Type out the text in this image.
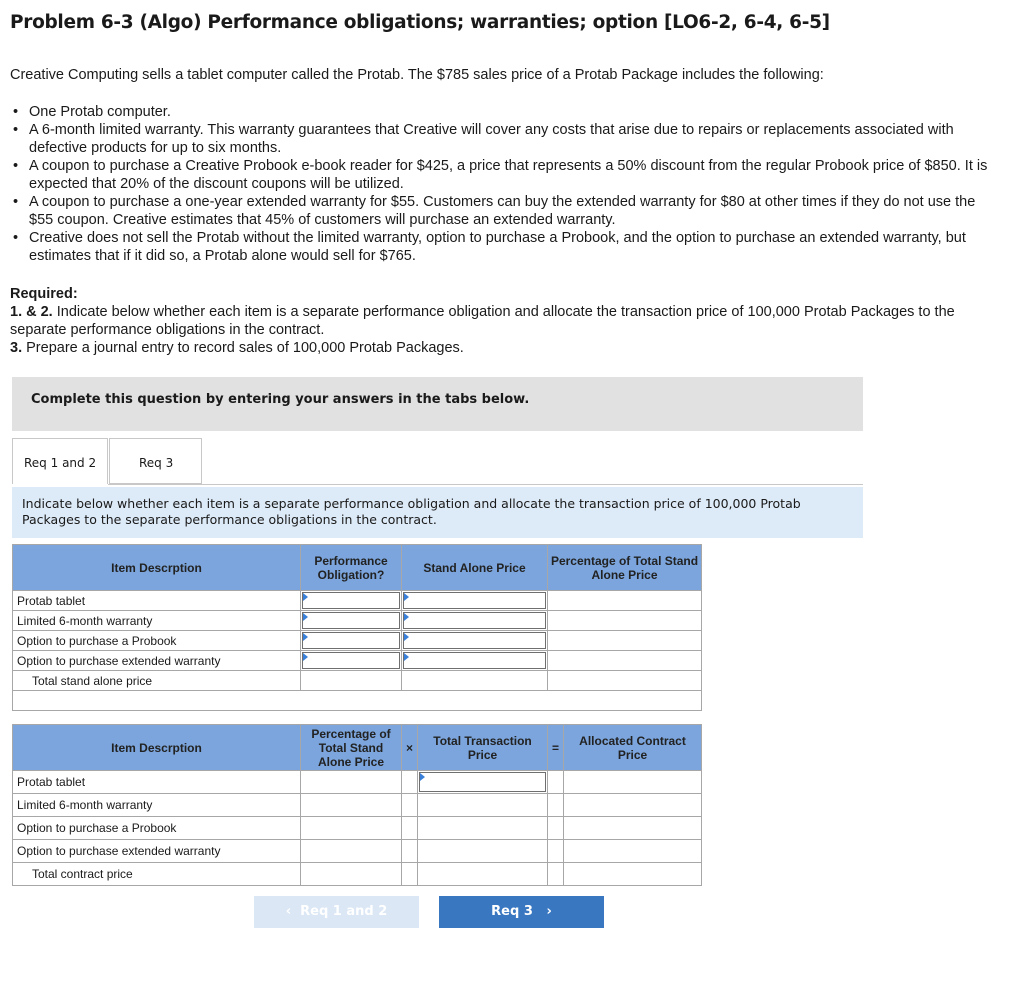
Problem 6-3 (Algo) Performance obligations; warranties; option [LO6-2, 6-4, 6-5]
Creative Computing sells a tablet computer called the Protab. The $785 sales price of a Protab Package includes the following:
• One Protab computer.
• A 6-month limited warranty. This warranty guarantees that Creative will cover any costs that arise due to repairs or replacements associated with defective products for up to six months.
• A coupon to purchase a Creative Probook e-book reader for $425, a price that represents a 50% discount from the regular Probook price of $850. It is expected that 20% of the discount coupons will be utilized.
• A coupon to purchase a one-year extended warranty for $55. Customers can buy the extended warranty for $80 at other times if they do not use the $55 coupon. Creative estimates that 45% of customers will purchase an extended warranty.
• Creative does not sell the Protab without the limited warranty, option to purchase a Probook, and the option to purchase an extended warranty, but estimates that if it did so, a Protab alone would sell for $765.
Required:
1. & 2. Indicate below whether each item is a separate performance obligation and allocate the transaction price of 100,000 Protab Packages to the separate performance obligations in the contract.
3. Prepare a journal entry to record sales of 100,000 Protab Packages.
Complete this question by entering your answers in the tabs below.
Req 1 and 2	Req 3
Indicate below whether each item is a separate performance obligation and allocate the transaction price of 100,000 Protab Packages to the separate performance obligations in the contract.
Item Descrption	Performance Obligation?	Stand Alone Price	Percentage of Total Stand Alone Price
Protab tablet	

Limited 6-month warranty	

Option to purchase a Probook	

Option to purchase extended warranty	

Total stand alone price			

Item Descrption	Percentage of Total Stand Alone Price	×	Total Transaction Price	=	Allocated Contract Price
Protab tablet			

Limited 6-month warranty					
Option to purchase a Probook					
Option to purchase extended warranty					
Total contract price					
‹ Req 1 and 2	Req 3 ›
